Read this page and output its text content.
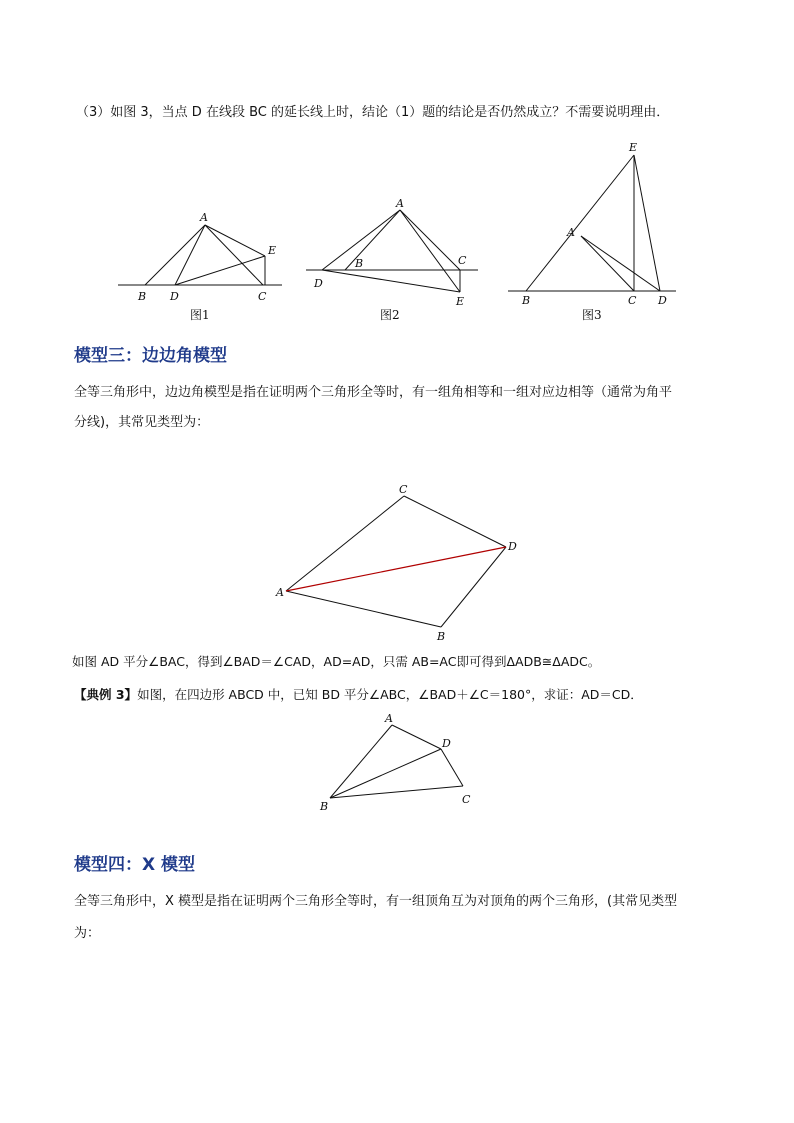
（3）如图 3，当点 D 在线段 BC 的延长线上时，结论（1）题的结论是否仍然成立？不需要说明理由．
A
B D	C
E
图1
A
B	C
D
E
图2
E
A
B	C D
图3
模型三：边边角模型
全等三角形中，边边角模型是指在证明两个三角形全等时，有一组角相等和一组对应边相等（通常为角平
分线)，其常见类型为：
C
D
A
B
如图 AD 平分∠BAC，得到∠BAD＝∠CAD，AD=AD，只需 AB=AC即可得到ΔADB≅ΔADC。
【典例 3】如图，在四边形 ABCD 中，已知 BD 平分∠ABC，∠BAD＋∠C＝180°，求证：AD＝CD．
A
D
C
B
模型四：X 模型
全等三角形中，X 模型是指在证明两个三角形全等时，有一组顶角互为对顶角的两个三角形，(其常见类型
为：
